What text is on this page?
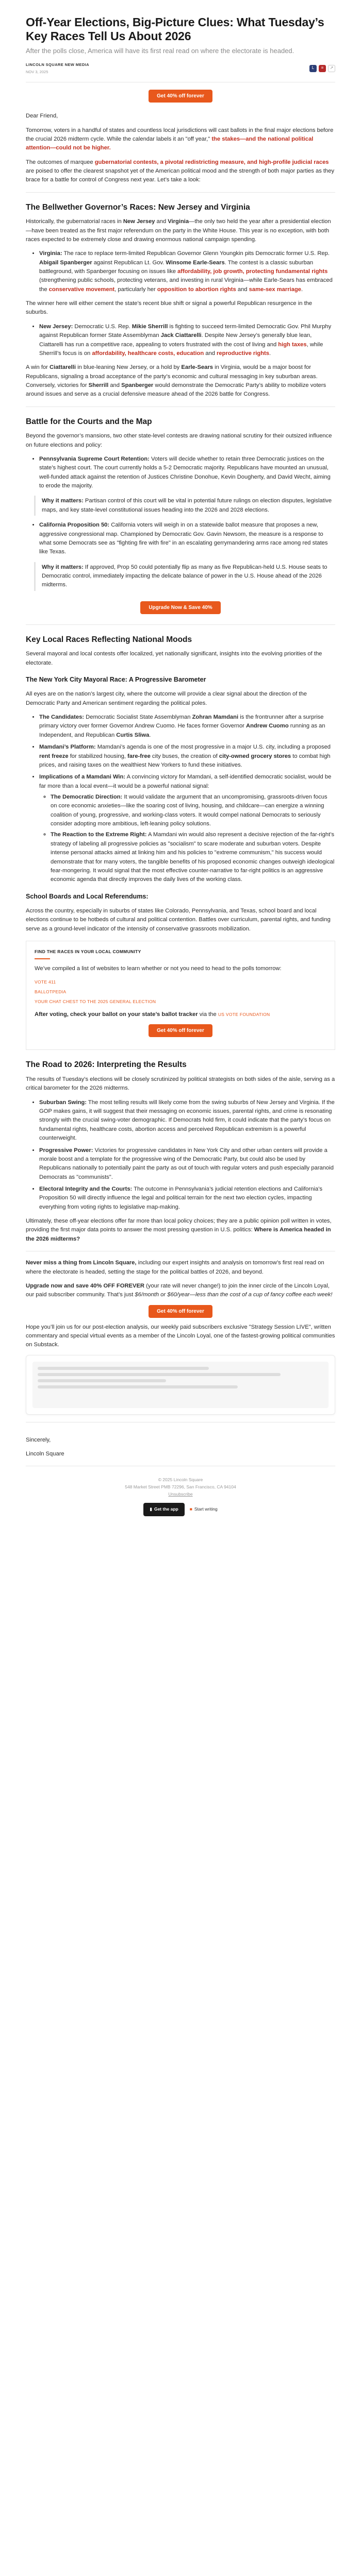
Off-Year Elections, Big-Picture Clues: What Tuesday’s Key Races Tell Us About 2026
After the polls close, America will have its first real read on where the electorate is headed.
LINCOLN SQUARE NEW MEDIA
NOV 3, 2025
L	≡	↗
Get 40% off forever

Dear Friend,

Tomorrow, voters in a handful of states and countless local jurisdictions will cast ballots in the final major elections before the crucial 2026 midterm cycle. While the calendar labels it an "off year," the stakes—and the national political attention—could not be higher.

The outcomes of marquee gubernatorial contests, a pivotal redistricting measure, and high-profile judicial races are poised to offer the clearest snapshot yet of the American political mood and the strength of both major parties as they brace for a battle for control of Congress next year. Let’s take a look:

The Bellwether Governor’s Races: New Jersey and Virginia

Historically, the gubernatorial races in New Jersey and Virginia—the only two held the year after a presidential election—have been treated as the first major referendum on the party in the White House. This year is no exception, with both races expected to be extremely close and drawing enormous national campaign spending.

• Virginia: The race to replace term-limited Republican Governor Glenn Youngkin pits Democratic former U.S. Rep. Abigail Spanberger against Republican Lt. Gov. Winsome Earle-Sears. The contest is a classic suburban battleground, with Spanberger focusing on issues like affordability, job growth, protecting fundamental rights (strengthening public schools, protecting veterans, and investing in rural Virginia—while Earle-Sears has embraced the conservative movement, particularly her opposition to abortion rights and same-sex marriage.

The winner here will either cement the state’s recent blue shift or signal a powerful Republican resurgence in the suburbs.

• New Jersey: Democratic U.S. Rep. Mikie Sherrill is fighting to succeed term-limited Democratic Gov. Phil Murphy against Republican former State Assemblyman Jack Ciattarelli. Despite New Jersey’s generally blue lean, Ciattarelli has run a competitive race, appealing to voters frustrated with the cost of living and high taxes, while Sherrill’s focus is on affordability, healthcare costs, education and reproductive rights.

A win for Ciattarelli in blue-leaning New Jersey, or a hold by Earle-Sears in Virginia, would be a major boost for Republicans, signaling a broad acceptance of the party’s economic and cultural messaging in key suburban areas. Conversely, victories for Sherrill and Spanberger would demonstrate the Democratic Party’s ability to mobilize voters around issues and serve as a crucial defensive measure ahead of the 2026 battle for Congress.

Battle for the Courts and the Map

Beyond the governor’s mansions, two other state-level contests are drawing national scrutiny for their outsized influence on future elections and policy:

• Pennsylvania Supreme Court Retention: Voters will decide whether to retain three Democratic justices on the state’s highest court. The court currently holds a 5-2 Democratic majority. Republicans have mounted an unusual, well-funded attack against the retention of Justices Christine Donohue, Kevin Dougherty, and David Wecht, aiming to erode the majority.
Why it matters: Partisan control of this court will be vital in potential future rulings on election disputes, legislative maps, and key state-level constitutional issues heading into the 2026 and 2028 elections.
• California Proposition 50: California voters will weigh in on a statewide ballot measure that proposes a new, aggressive congressional map. Championed by Democratic Gov. Gavin Newsom, the measure is a response to what some Democrats see as "fighting fire with fire" in an escalating gerrymandering arms race among red states like Texas.
Why it matters: If approved, Prop 50 could potentially flip as many as five Republican-held U.S. House seats to Democratic control, immediately impacting the delicate balance of power in the U.S. House ahead of the 2026 midterms.
Upgrade Now & Save 40%
Key Local Races Reflecting National Moods

Several mayoral and local contests offer localized, yet nationally significant, insights into the evolving priorities of the electorate.

The New York City Mayoral Race: A Progressive Barometer

All eyes are on the nation’s largest city, where the outcome will provide a clear signal about the direction of the Democratic Party and American sentiment regarding the political poles.

• The Candidates: Democratic Socialist State Assemblyman Zohran Mamdani is the frontrunner after a surprise primary victory over former Governor Andrew Cuomo. He faces former Governor Andrew Cuomo running as an Independent, and Republican Curtis Sliwa.
• Mamdani’s Platform: Mamdani’s agenda is one of the most progressive in a major U.S. city, including a proposed rent freeze for stabilized housing, fare-free city buses, the creation of city-owned grocery stores to combat high prices, and raising taxes on the wealthiest New Yorkers to fund these initiatives.
• Implications of a Mamdani Win: A convincing victory for Mamdani, a self-identified democratic socialist, would be far more than a local event—it would be a powerful national signal:
◦ The Democratic Direction: It would validate the argument that an uncompromising, grassroots-driven focus on core economic anxieties—like the soaring cost of living, housing, and childcare—can energize a winning coalition of young, progressive, and working-class voters. It would compel national Democrats to seriously consider adopting more ambitious, left-leaning policy solutions.
◦ The Reaction to the Extreme Right: A Mamdani win would also represent a decisive rejection of the far-right’s strategy of labeling all progressive policies as "socialism" to scare moderate and suburban voters. Despite intense personal attacks aimed at linking him and his policies to "extreme communism," his success would demonstrate that for many voters, the tangible benefits of his proposed economic changes outweigh ideological fear-mongering. It would signal that the most effective counter-narrative to far-right politics is an aggressive economic agenda that directly improves the daily lives of the working class.
School Boards and Local Referendums:

Across the country, especially in suburbs of states like Colorado, Pennsylvania, and Texas, school board and local elections continue to be hotbeds of cultural and political contention. Battles over curriculum, parental rights, and funding serve as a ground-level indicator of the intensity of conservative grassroots mobilization.

FIND THE RACES IN YOUR LOCAL COMMUNITY

We’ve compiled a list of websites to learn whether or not you need to head to the polls tomorrow:

VOTE 411
BALLOTPEDIA
YOUR CHAT CHEST TO THE 2025 GENERAL ELECTION

After voting, check your ballot on your state’s ballot tracker via the US VOTE FOUNDATION

Get 40% off forever
The Road to 2026: Interpreting the Results

The results of Tuesday’s elections will be closely scrutinized by political strategists on both sides of the aisle, serving as a critical barometer for the 2026 midterms.

• Suburban Swing: The most telling results will likely come from the swing suburbs of New Jersey and Virginia. If the GOP makes gains, it will suggest that their messaging on economic issues, parental rights, and crime is resonating strongly with the crucial swing-voter demographic. If Democrats hold firm, it could indicate that the party’s focus on fundamental rights, healthcare costs, abortion access and perceived Republican extremism is a powerful counterweight.
• Progressive Power: Victories for progressive candidates in New York City and other urban centers will provide a morale boost and a template for the progressive wing of the Democratic Party, but could also be used by Republicans nationally to potentially paint the party as out of touch with regular voters and push especially paranoid Democrats as "communists".
• Electoral Integrity and the Courts: The outcome in Pennsylvania’s judicial retention elections and California’s Proposition 50 will directly influence the legal and political terrain for the next two election cycles, impacting everything from voting rights to legislative map-making.

Ultimately, these off-year elections offer far more than local policy choices; they are a public opinion poll written in votes, providing the first major data points to answer the most pressing question in U.S. politics: Where is America headed in the 2026 midterms?

Never miss a thing from Lincoln Square, including our expert insights and analysis on tomorrow’s first real read on where the electorate is headed, setting the stage for the political battles of 2026, and beyond.

Upgrade now and save 40% OFF FOREVER (your rate will never change!) to join the inner circle of the Lincoln Loyal, our paid subscriber community. That’s just $6/month or $60/year—less than the cost of a cup of fancy coffee each week!

Get 40% off forever

Hope you’ll join us for our post-election analysis, our weekly paid subscribers exclusive "Strategy Session LIVE", written commentary and special virtual events as a member of the Lincoln Loyal, one of the fastest-growing political communities on Substack.

Sincerely,

Lincoln Square

© 2025 Lincoln Square
548 Market Street PMB 72296, San Francisco, CA 94104
Unsubscribe
▮ Get the app	■ Start writing
